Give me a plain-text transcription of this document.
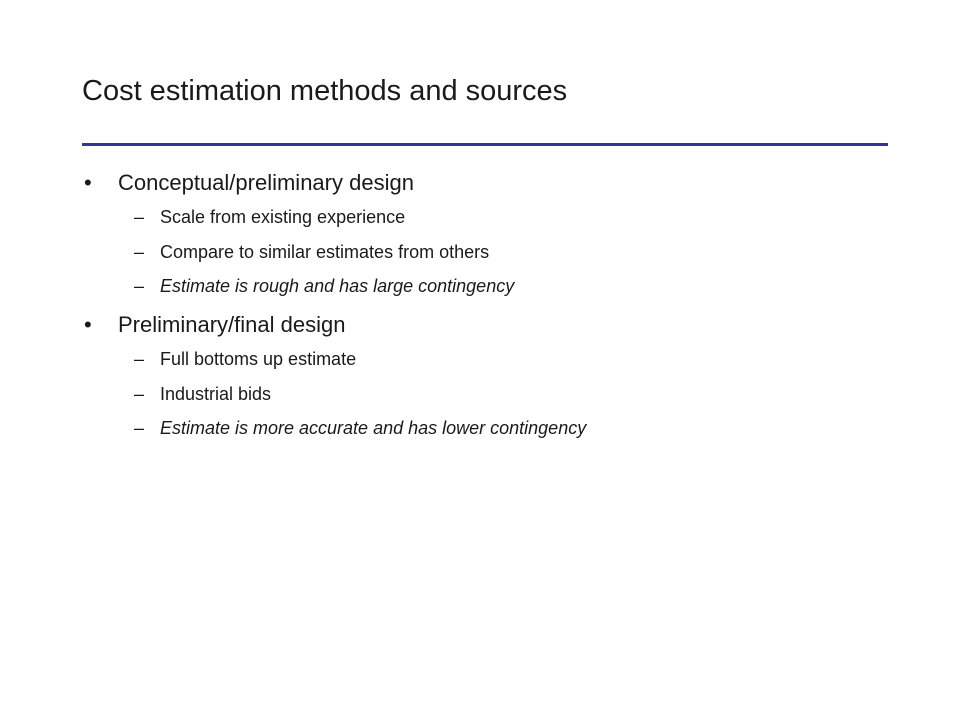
Cost estimation methods and sources
• Conceptual/preliminary design
– Scale from existing experience
– Compare to similar estimates from others
– Estimate is rough and has large contingency
• Preliminary/final design
– Full bottoms up estimate
– Industrial bids
– Estimate is more accurate and has lower contingency
